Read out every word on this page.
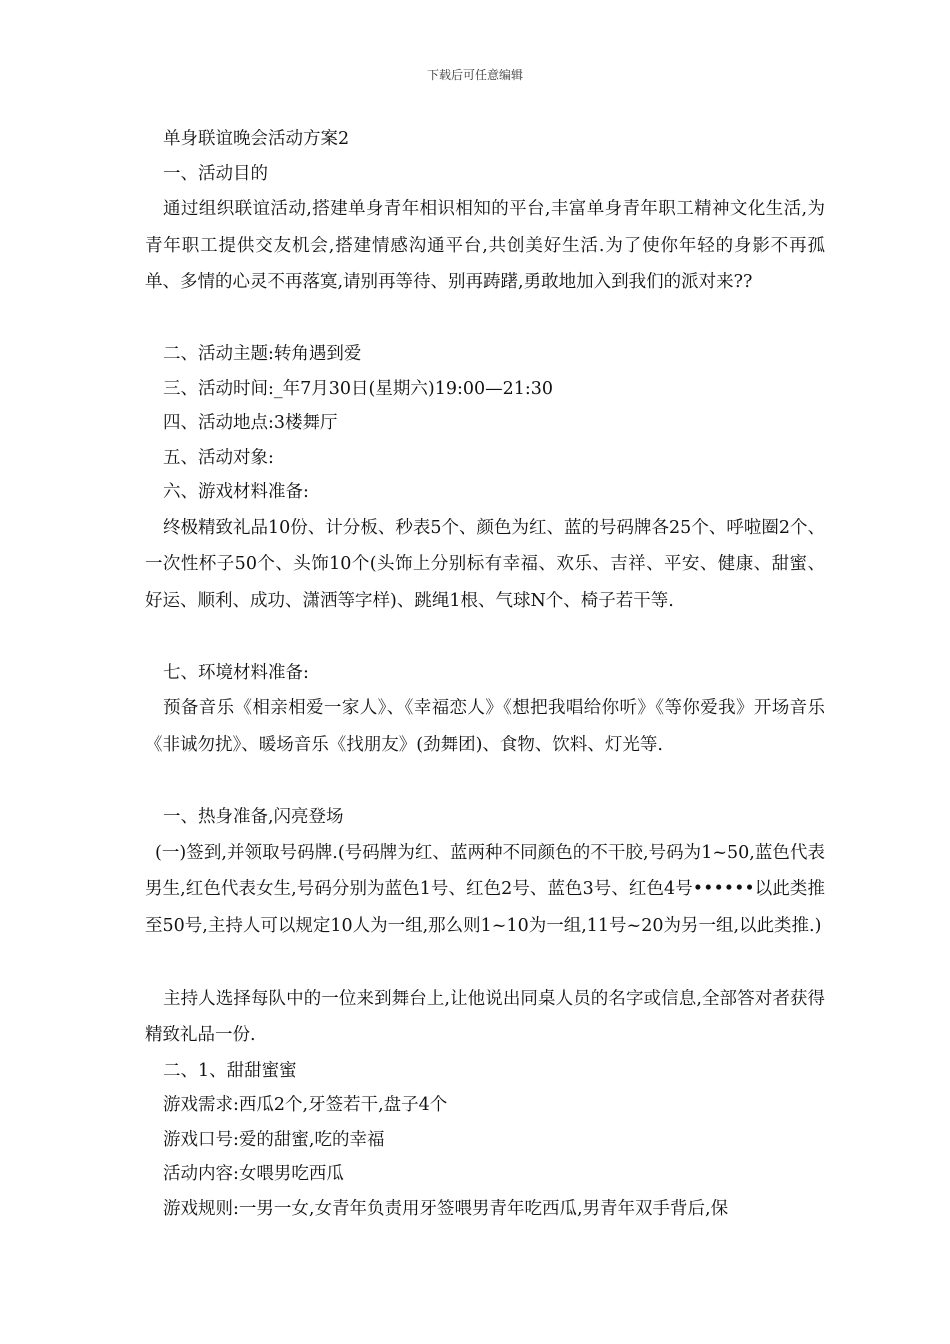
下载后可任意编辑
单身联谊晚会活动方案2
一、活动目的
通过组织联谊活动,搭建单身青年相识相知的平台,丰富单身青年职工精神文化生活,为青年职工提供交友机会,搭建情感沟通平台,共创美好生活.为了使你年轻的身影不再孤单、多情的心灵不再落寞,请别再等待、别再踌躇,勇敢地加入到我们的派对来??
二、活动主题:转角遇到爱
三、活动时间:_年7月30日(星期六)19:00—21:30
四、活动地点:3楼舞厅
五、活动对象:
六、游戏材料准备:
终极精致礼品10份、计分板、秒表5个、颜色为红、蓝的号码牌各25个、呼啦圈2个、一次性杯子50个、头饰10个(头饰上分别标有幸福、欢乐、吉祥、平安、健康、甜蜜、好运、顺利、成功、潇洒等字样)、跳绳1根、气球N个、椅子若干等.
七、环境材料准备:
预备音乐《相亲相爱一家人》、《幸福恋人》《想把我唱给你听》《等你爱我》开场音乐《非诚勿扰》、暖场音乐《找朋友》(劲舞团)、食物、饮料、灯光等.
一、热身准备,闪亮登场
(一)签到,并领取号码牌.(号码牌为红、蓝两种不同颜色的不干胶,号码为1~50,蓝色代表男生,红色代表女生,号码分别为蓝色1号、红色2号、蓝色3号、红色4号••••••以此类推至50号,主持人可以规定10人为一组,那么则1~10为一组,11号~20为另一组,以此类推.)
主持人选择每队中的一位来到舞台上,让他说出同桌人员的名字或信息,全部答对者获得精致礼品一份.
二、1、甜甜蜜蜜
游戏需求:西瓜2个,牙签若干,盘子4个
游戏口号:爱的甜蜜,吃的幸福
活动内容:女喂男吃西瓜
游戏规则:一男一女,女青年负责用牙签喂男青年吃西瓜,男青年双手背后,保
